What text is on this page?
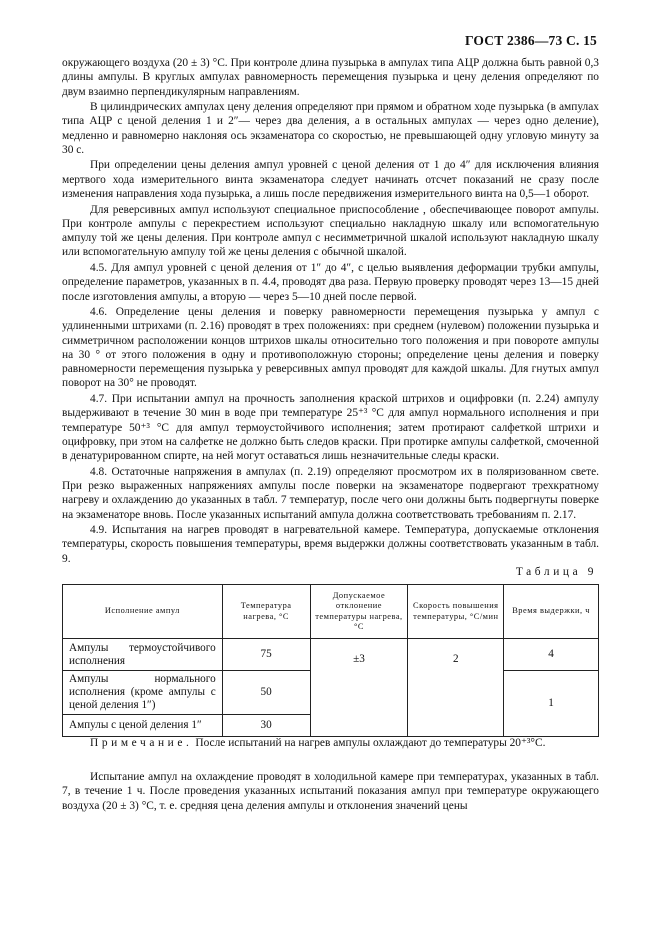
ГОСТ 2386—73 С. 15

окружающего воздуха (20 ± 3) °С. При контроле длина пузырька в ампулах типа АЦР должна быть равной 0,3 длины ампулы. В круглых ампулах равномерность перемещения пузырька и цену деления определяют по двум взаимно перпендикулярным направлениям.

В цилиндрических ампулах цену деления определяют при прямом и обратном ходе пузырька (в ампулах типа АЦР с ценой деления 1 и 2″— через два деления, а в остальных ампулах — через одно деление), медленно и равномерно наклоняя ось экзаменатора со скоростью, не превышающей одну угловую минуту за 30 с.

При определении цены деления ампул уровней с ценой деления от 1 до 4″ для исключения влияния мертвого хода измерительного винта экзаменатора следует начинать отсчет показаний не сразу после изменения направления хода пузырька, а лишь после передвижения измерительного винта на 0,5—1 оборот.

Для реверсивных ампул используют специальное приспособление , обеспечивающее поворот ампулы. При контроле ампулы с перекрестием используют специально накладную шкалу или вспомогательную ампулу той же цены деления. При контроле ампул с несимметричной шкалой используют накладную шкалу или вспомогательную ампулу той же цены деления с обычной шкалой.

4.5. Для ампул уровней с ценой деления от 1″ до 4″, с целью выявления деформации трубки ампулы, определение параметров, указанных в п. 4.4, проводят два раза. Первую проверку проводят через 13—15 дней после изготовления ампулы, а вторую — через 5—10 дней после первой.

4.6. Определение цены деления и поверку равномерности перемещения пузырька у ампул с удлиненными штрихами (п. 2.16) проводят в трех положениях: при среднем (нулевом) положении пузырька и симметричном расположении концов штрихов шкалы относительно того положения и при повороте ампулы на 30 ° от этого положения в одну и противоположную стороны; определение цены деления и поверку равномерности перемещения пузырька у реверсивных ампул проводят для каждой шкалы. Для гнутых ампул поворот на 30° не проводят.

4.7. При испытании ампул на прочность заполнения краской штрихов и оцифровки (п. 2.24) ампулу выдерживают в течение 30 мин в воде при температуре 25⁺³ °С для ампул нормального исполнения и при температуре 50⁺³ °С для ампул термоустойчивого исполнения; затем протирают салфеткой штрихи и оцифровку, при этом на салфетке не должно быть следов краски. При протирке ампулы салфеткой, смоченной в денатурированном спирте, на ней могут оставаться лишь незначительные следы краски.

4.8. Остаточные напряжения в ампулах (п. 2.19) определяют просмотром их в поляризованном свете. При резко выраженных напряжениях ампулы после поверки на экзаменаторе подвергают трехкратному нагреву и охлаждению до указанных в табл. 7 температур, после чего они должны быть подвергнуты поверке на экзаменаторе вновь. После указанных испытаний ампула должна соответствовать требованиям п. 2.17.

4.9. Испытания на нагрев проводят в нагревательной камере. Температура, допускаемые отклонения температуры, скорость повышения температуры, время выдержки должны соответствовать указанным в табл. 9.

Таблица 9
Исполнение ампул	Температура нагрева, °С	Допускаемое отклонение температуры нагрева, °С	Скорость повышения температуры, °С/мин	Время выдержки, ч
Ампулы термоустойчивого исполнения	75	±3	2	4
Ампулы нормального исполнения (кроме ампулы с ценой деления 1″)	50			1
Ампулы с ценой деления 1″	30			
Примечание. После испытаний на нагрев ампулы охлаждают до температуры 20⁺³°С.

Испытание ампул на охлаждение проводят в холодильной камере при температурах, указанных в табл. 7, в течение 1 ч. После проведения указанных испытаний показания ампул при температуре окружающего воздуха (20 ± 3) °С, т. е. средняя цена деления ампулы и отклонения значений цены
